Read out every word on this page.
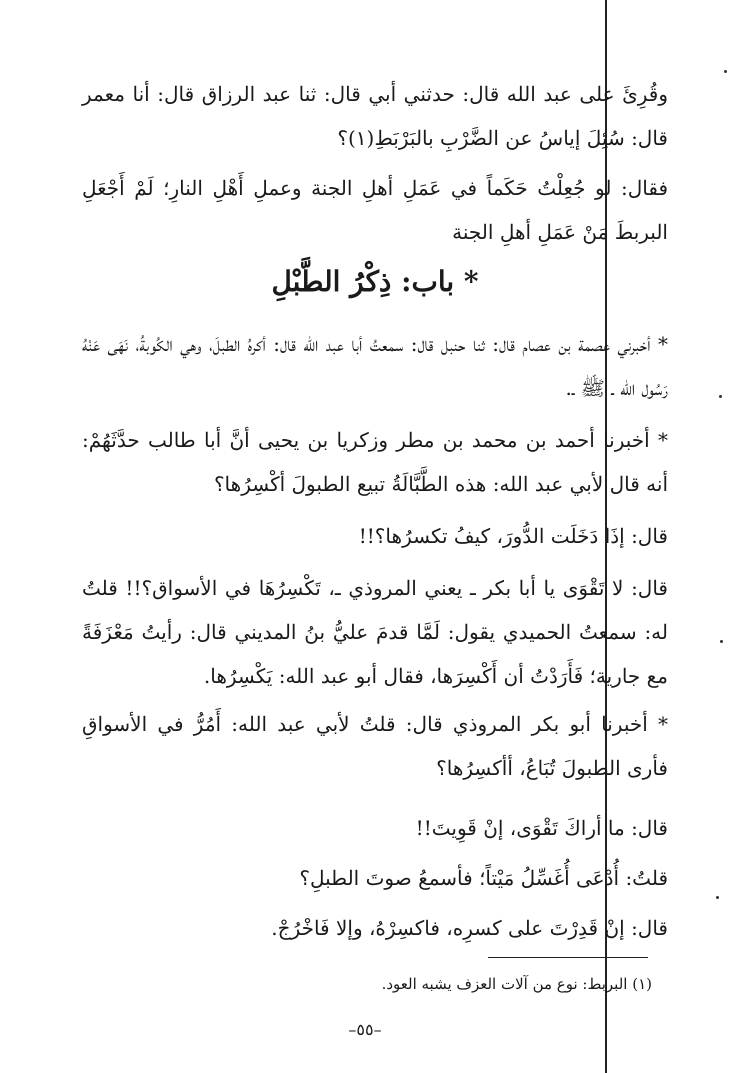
وقُرِئَ على عبد الله قال: حدثني أبي قال: ثنا عبد الرزاق قال: أنا معمر قال: سُئِلَ إياسُ عن الضَّرْبِ بالبَرْبَطِ(١)؟

فقال: لو جُعِلْتُ حَكَماً في عَمَلِ أهلِ الجنة وعملِ أَهْلِ النارِ؛ لَمْ أَجْعَلِ البربطَ مَنْ عَمَلِ أهلِ الجنة

* باب: ذِكْرُ الطَّبْلِ

* أخبرني عصمة بن عصام قال: ثنا حنبل قال: سمعتُ أبا عبد الله قال: أكرهُ الطبلَ، وهي الكُوبةُ، نَهَى عَنْهُ رَسُول الله ـ ﷺ ـ.

* أخبرنا أحمد بن محمد بن مطر وزكريا بن يحيى أنَّ أبا طالب حدَّثَهُمْ: أنه قال لأبي عبد الله: هذه الطَّبَّالَةُ تبيع الطبولَ أكْسِرُها؟

قال: إذَا دَخَلَت الدُّورَ، كيفُ تكسرُها؟!!

قال: لا تَقْوَى يا أبا بكر ـ يعني المروذي ـ، تَكْسِرُهَا في الأسواق؟!! قلتُ له: سمعتُ الحميدي يقول: لَمَّا قدمَ عليُّ بنُ المديني قال: رأيتُ مَعْزَفَةً مع جارية؛ فَأَرَدْتُ أن أَكْسِرَها، فقال أبو عبد الله: يَكْسِرُها.

* أخبرنا أبو بكر المروذي قال: قلتُ لأبي عبد الله: أَمُرُّ في الأسواقِ فأرى الطبولَ تُبَاعُ، أأكسِرُها؟

قال: ما أراكَ تَقْوَى، إنْ قَوِيتَ!!

قلتُ: أُدْعَى أُغَسِّلُ مَيْتاً؛ فأسمعُ صوتَ الطبلِ؟

قال: إنْ قَدِرْتَ على كسرِه، فاكسِرْهُ، وإلا فَاخْرُجْ.

(١) البربط: نوع من آلات العزف يشبه العود.
–٥٥–
